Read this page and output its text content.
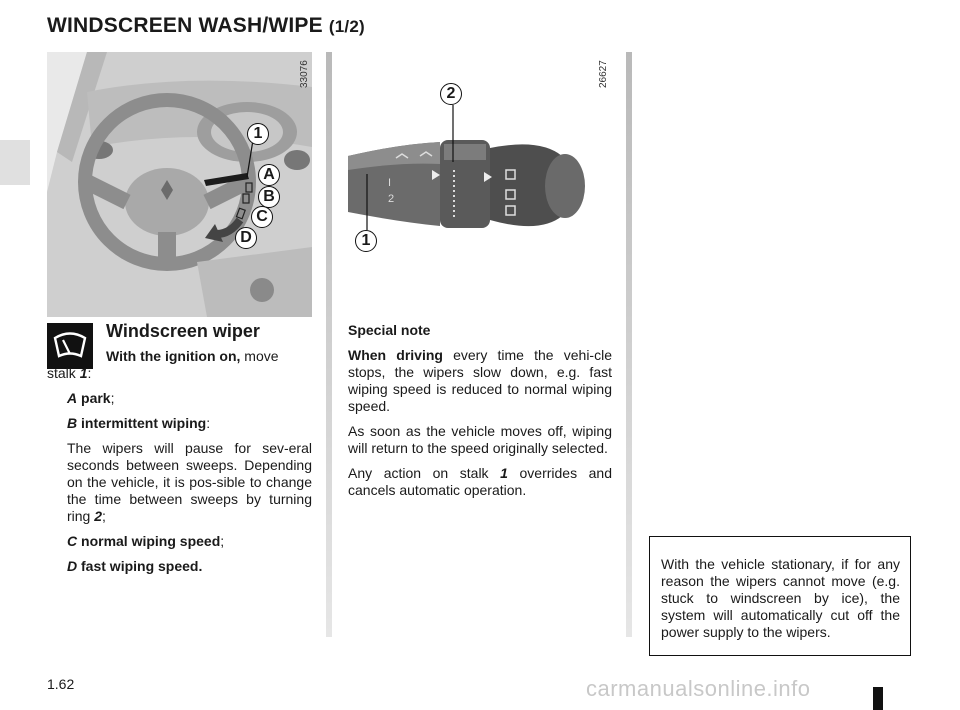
WINDSCREEN WASH/WIPE (1/2)
1
A
B
C
D
33076
I
2
2
1
26627
Windscreen wiper

With the ignition on, move

stalk 1:

A park;

B intermittent wiping:

The wipers will pause for sev-eral seconds between sweeps. Depending on the vehicle, it is pos-sible to change the time between sweeps by turning ring 2;

C normal wiping speed;

D fast wiping speed.

Special note

When driving every time the vehi-cle stops, the wipers slow down, e.g. fast wiping speed is reduced to normal wiping speed.

As soon as the vehicle moves off, wiping will return to the speed originally selected.

Any action on stalk 1 overrides and cancels automatic operation.

With the vehicle stationary, if for any reason the wipers cannot move (e.g. stuck to windscreen by ice), the system will automatically cut off the power supply to the wipers.
1.62	carmanualsonline.info
